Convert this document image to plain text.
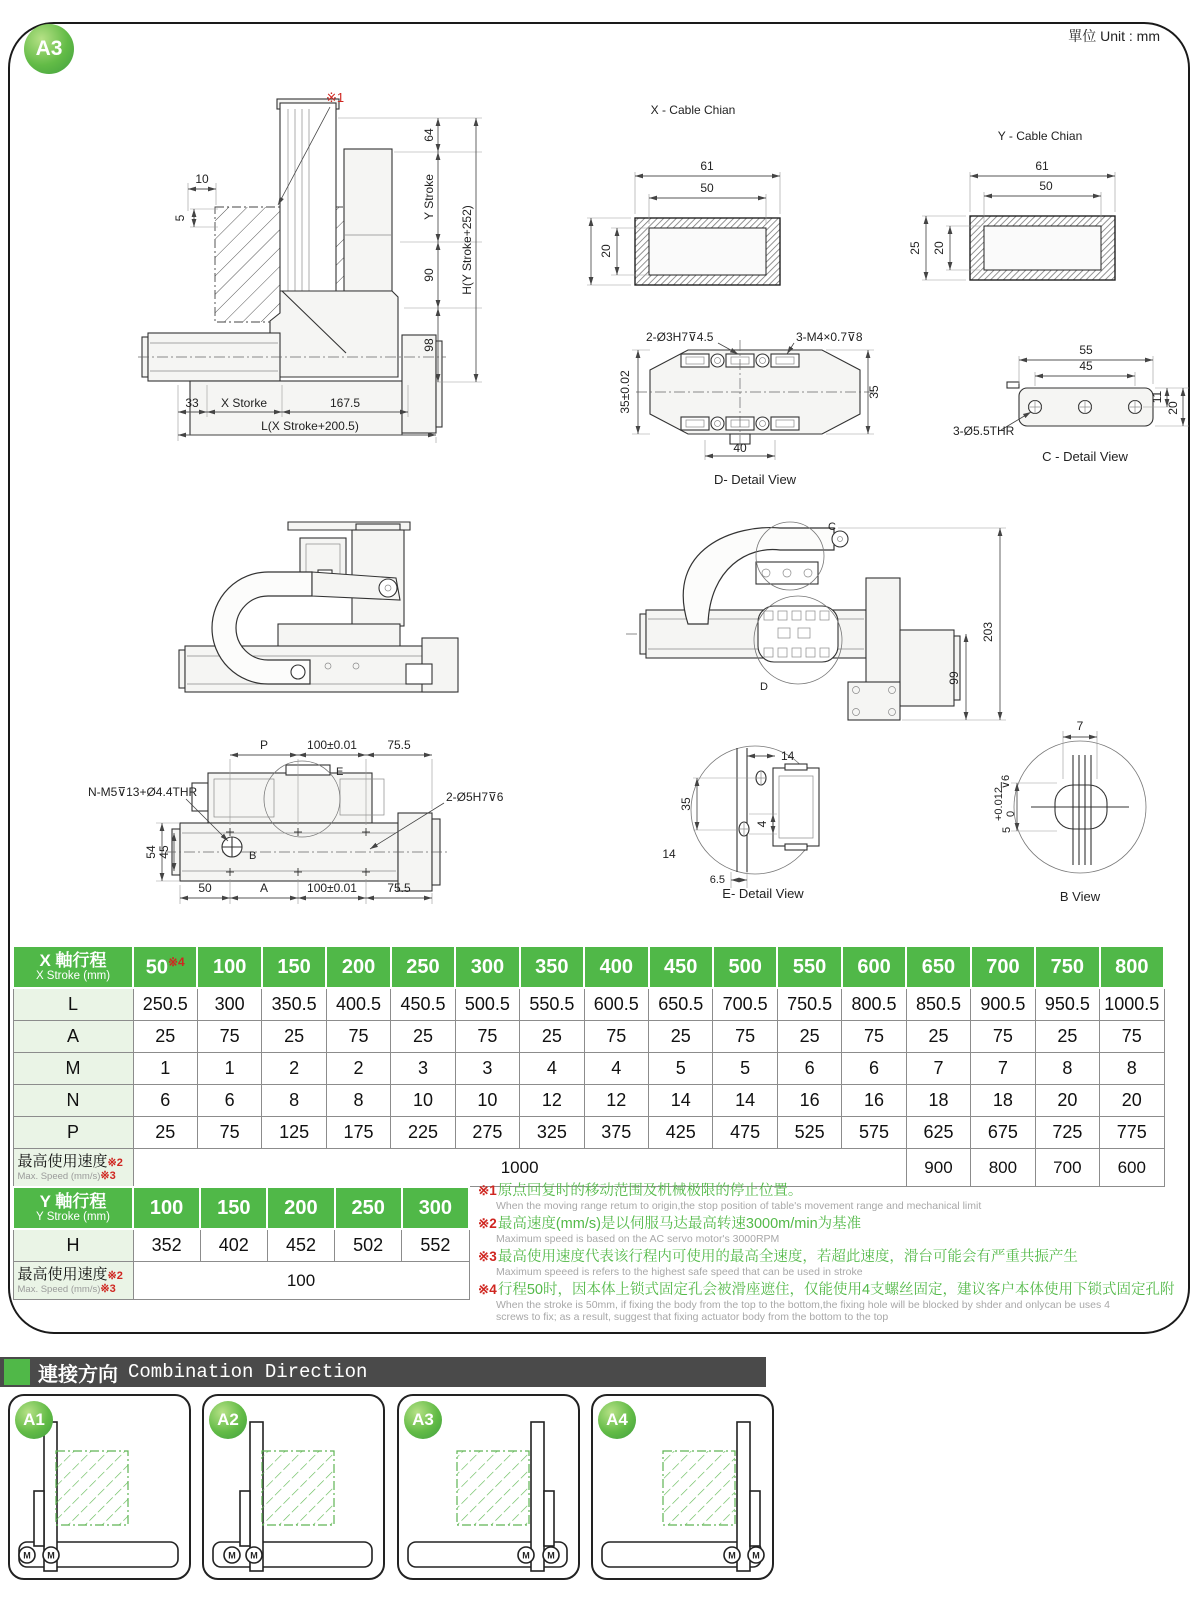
A3
單位 Unit : mm
10
5
※1
64
Y Stroke
90
98
H(Y Stroke+252)
33 X Storke	167.5
L(X Stroke+200.5)
X - Cable Chian
61
50
20
Y - Cable Chian
61
50
25 20
2-Ø3H7⊽4.5	3-M4×0.7⊽8
35±0.02	35
40
D- Detail View
55
45
11
20
3-Ø5.5THR
C - Detail View
C
D
203
99
P	100±0.01	75.5
E
N-M5⊽13+Ø4.4THR	2-Ø5H7⊽6
B
54 45
50	A	100±0.01	75.5
14
35
4
14
6.5
E- Detail View
7
5
+0.012 0
⊽6
B View
X 軸行程
X Stroke (mm)	50$^{※4}$	100	150	200	250	300	350	400	450	500	550	600	650	700	750	800
L	250.5	300	350.5	400.5	450.5	500.5	550.5	600.5	650.5	700.5	750.5	800.5	850.5	900.5	950.5	1000.5
A	25	75	25	75	25	75	25	75	25	75	25	75	25	75	25	75
M	1	1	2	2	3	3	4	4	5	5	6	6	7	7	8	8
N	6	6	8	8	10	10	12	12	14	14	16	16	18	18	20	20
P	25	75	125	175	225	275	325	375	425	475	525	575	625	675	725	775

最高使用速度※2
Max. Speed (mm/s)※3	1000												900	800	700	600
Y 軸行程
Y Stroke (mm)	100	150	200	250	300
H	352	402	452	502	552

最高使用速度※2
Max. Speed (mm/s)※3	100				
※1原点回复时的移动范围及机械极限的停止位置。
When the moving range retum to origin,the stop position of table's movement range and mechanical limit
※2最高速度(mm/s)是以伺服马达最高转速3000m/min为基准
Maximum speed is based on the AC servo motor's 3000RPM
※3最高使用速度代表该行程内可使用的最高全速度，若超此速度，滑台可能会有严重共振产生
Maximum speeed is refers to the highest safe speed that can be used in stroke
※4行程50时，因本体上锁式固定孔会被滑座遮住，仅能使用4支螺丝固定，建议客户本体使用下锁式固定孔附
When the stroke is 50mm, if fixing the body from the top to the bottom,the fixing hole will be blocked by shder and onlycan be uses 4
screws to fix; as a result, suggest that fixing actuator body from the bottom to the top
連接方向 Combination Direction
A1
M M
A2
M M
A3
M M
A4
M M
